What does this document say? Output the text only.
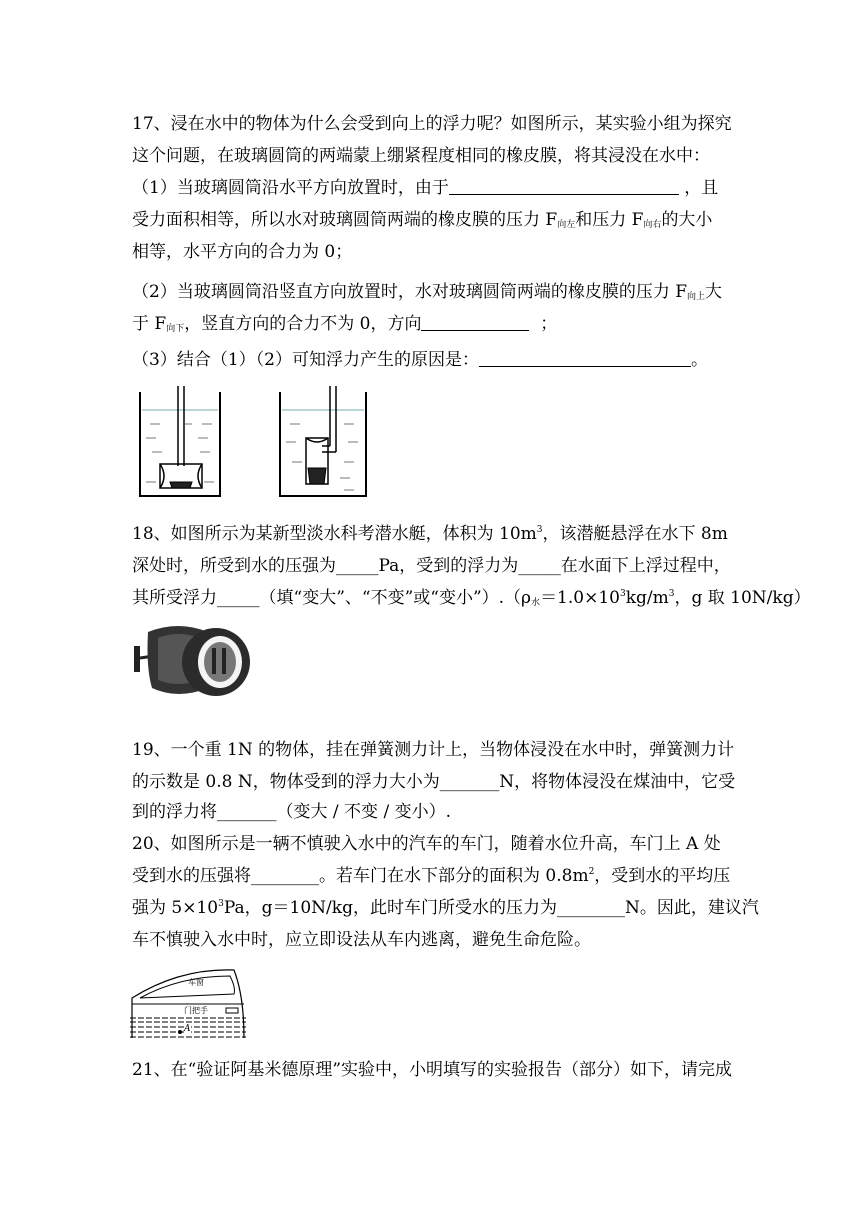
17、浸在水中的物体为什么会受到向上的浮力呢？如图所示，某实验小组为探究
这个问题，在玻璃圆筒的两端蒙上绷紧程度相同的橡皮膜，将其浸没在水中：
（1）当玻璃圆筒沿水平方向放置时，由于	，且
受力面积相等，所以水对玻璃圆筒两端的橡皮膜的压力 $F_{向左}$和压力 $F_{向右}$的大小
相等，水平方向的合力为 0；
（2）当玻璃圆筒沿竖直方向放置时，水对玻璃圆筒两端的橡皮膜的压力 $F_{向上}$大
于 $F_{向下}$，竖直方向的合力不为 0，方向	；
（3）结合（1）（2）可知浮力产生的原因是：	。
18、如图所示为某新型淡水科考潜水艇，体积为 $10m^3$，该潜艇悬浮在水下 8m
深处时，所受到水的压强为_____Pa，受到的浮力为_____在水面下上浮过程中，
其所受浮力_____（填“变大”、“不变”或“变小$”).(\rho_水=1.0\times 10^3kg/m^3$，g 取 10N/kg）
19、一个重 1N 的物体，挂在弹簧测力计上，当物体浸没在水中时，弹簧测力计
的示数是 0.8 N，物体受到的浮力大小为_______N，将物体浸没在煤油中，它受
到的浮力将_______（变大 / 不变 / 变小）.
20、如图所示是一辆不慎驶入水中的汽车的车门，随着水位升高，车门上 A 处
受到水的压强将________。若车门在水下部分的面积为 $0.8m^2$，受到水的平均压
强为 $5\times 10^3Pa$，g＝10N/kg，此时车门所受水的压力为________N。因此，建议汽
车不慎驶入水中时，应立即设法从车内逃离，避免生命危险。
车窗
门把手
A
21、在“验证阿基米德原理”实验中，小明填写的实验报告（部分）如下，请完成
